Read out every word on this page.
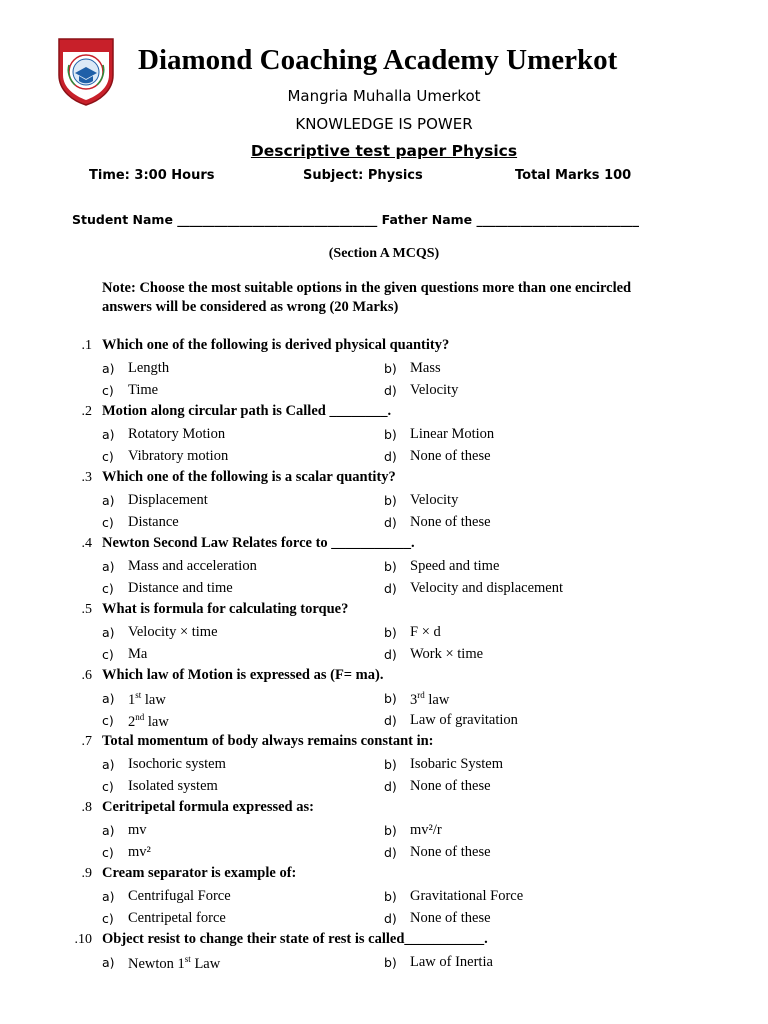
Diamond Coaching Academy Umerkot

Mangria Muhalla Umerkot

KNOWLEDGE IS POWER

Descriptive test paper Physics

Time: 3:00 Hours	Subject: Physics	Total Marks 100
Student Name ________________________________ Father Name __________________________

(Section A MCQS)

Note: Choose the most suitable options in the given questions more than one encircled answers will be considered as wrong (20 Marks)

.1 Which one of the following is derived physical quantity?
a) Length	b) Mass
c) Time	d) Velocity
.2 Motion along circular path is Called ________.
a) Rotatory Motion	b) Linear Motion
c) Vibratory motion	d) None of these
.3 Which one of the following is a scalar quantity?
a) Displacement	b) Velocity
c) Distance	d) None of these
.4 Newton Second Law Relates force to ___________.
a) Mass and acceleration	b) Speed and time
c) Distance and time	d) Velocity and displacement
.5 What is formula for calculating torque?
a) Velocity × time	b) F × d
c) Ma	d) Work × time
.6 Which law of Motion is expressed as (F= ma).
a) 1st law	b) 3rd law
c) 2nd law	d) Law of gravitation
.7 Total momentum of body always remains constant in:
a) Isochoric system	b) Isobaric System
c) Isolated system	d) None of these
.8 Ceritripetal formula expressed as:
a) mv	b) mv²/r
c) mv²	d) None of these
.9 Cream separator is example of:
a) Centrifugal Force	b) Gravitational Force
c) Centripetal force	d) None of these
.10 Object resist to change their state of rest is called___________.
a) Newton 1st Law	b) Law of Inertia
